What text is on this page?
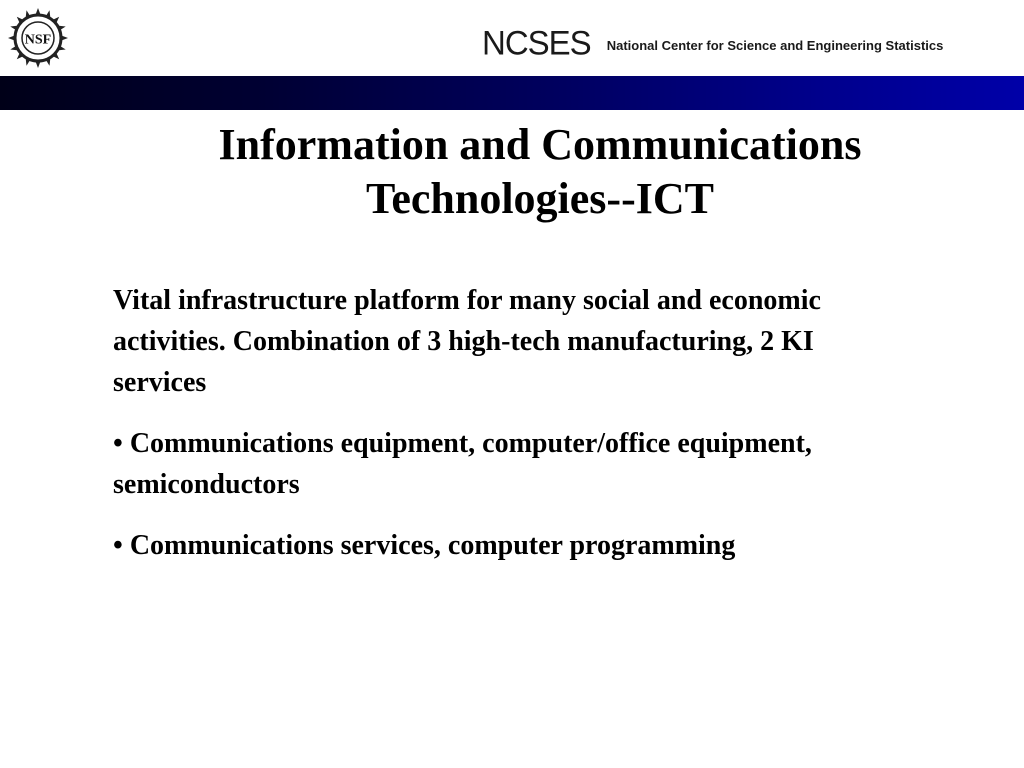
NSF	NCSES National Center for Science and Engineering Statistics
Information and Communications
Technologies--ICT

Vital infrastructure platform for many social and economic activities. Combination of 3 high-tech manufacturing, 2 KI services

• Communications equipment, computer/office equipment, semiconductors

• Communications services, computer programming
